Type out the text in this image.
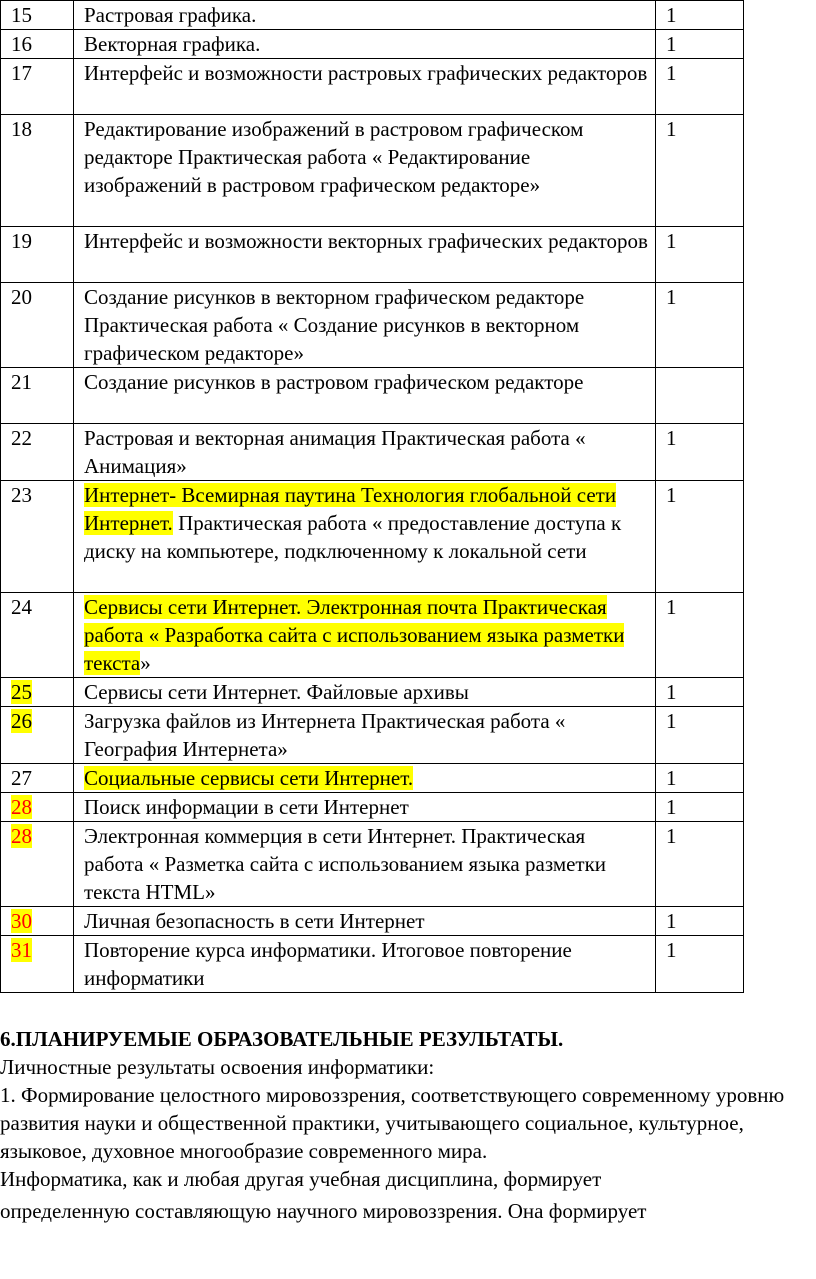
15	Растровая графика.	1
16	Векторная графика.	1
17	Интерфейс и возможности растровых графических редакторов	1
18	Редактирование изображений в растровом графическом редакторе Практическая работа « Редактирование изображений в растровом графическом редакторе»	1
19	Интерфейс и возможности векторных графических редакторов	1
20	Создание рисунков в векторном графическом редакторе Практическая работа « Создание рисунков в векторном графическом редакторе»	1
21	Создание рисунков в растровом графическом редакторе	
22	Растровая и векторная анимация Практическая работа « Анимация»	1
23	Интернет- Всемирная паутина Технология глобальной сети Интернет. Практическая работа « предоставление доступа к диску на компьютере, подключенному к локальной сети	1
24	Сервисы сети Интернет. Электронная почта Практическая работа « Разработка сайта с использованием языка разметки текста»	1
25	Сервисы сети Интернет. Файловые архивы	1
26	Загрузка файлов из Интернета Практическая работа « География Интернета»	1
27	Социальные сервисы сети Интернет.	1
28	Поиск информации в сети Интернет	1
28	Электронная коммерция в сети Интернет. Практическая работа « Разметка сайта с использованием языка разметки текста HTML»	1
30	Личная безопасность в сети Интернет	1
31	Повторение курса информатики. Итоговое повторение информатики	1
6.ПЛАНИРУЕМЫЕ ОБРАЗОВАТЕЛЬНЫЕ РЕЗУЛЬТАТЫ.

Личностные результаты освоения информатики:

1. Формирование целостного мировоззрения, соответствующего современному уровню развития науки и общественной практики, учитывающего социальное, культурное, языковое, духовное многообразие современного мира.

Информатика, как и любая другая учебная дисциплина, формирует

определенную составляющую научного мировоззрения. Она формирует
